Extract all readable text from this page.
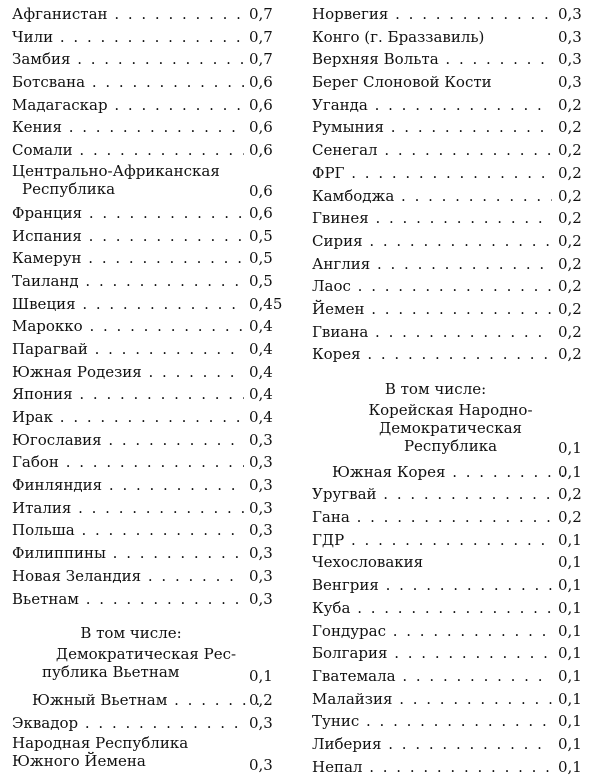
Афганистан . . .	0,7
Чили . . .	0,7
Замбия . . .	0,7
Ботсвана . . .	0,6
Мадагаскар . . .	0,6
Кения . . .	0,6
Сомали . . .	0,6
Центрально-Африканская
Республика	0,6
Франция . . .	0,6
Испания . . .	0,5
Камерун . . .	0,5
Таиланд . . .	0,5
Швеция . . .	0,45
Марокко . . .	0,4
Парагвай . . .	0,4
Южная Родезия . . .	0,4
Япония . . .	0,4
Ирак . . .	0,4
Югославия . . .	0,3
Габон . . .	0,3
Финляндия . . .	0,3
Италия . . .	0,3
Польша . . .	0,3
Филиппины . . .	0,3
Новая Зеландия . . .	0,3
Вьетнам . . .	0,3
В том числе:
Демократическая Рес-
публика Вьетнам	0,1
Южный Вьетнам . . .	0,2
Эквадор . . .	0,3
Народная Республика
Южного Йемена	0,3
Норвегия . . .	0,3
Конго (г. Браззавиль)	0,3
Верхняя Вольта . . .	0,3
Берег Слоновой Кости	0,3
Уганда . . .	0,2
Румыния . . .	0,2
Сенегал . . .	0,2
ФРГ . . .	0,2
Камбоджа . . .	0,2
Гвинея . . .	0,2
Сирия . . .	0,2
Англия . . .	0,2
Лаос . . .	0,2
Йемен . . .	0,2
Гвиана . . .	0,2
Корея . . .	0,2
В том числе:
Корейская Народно-
Демократическая
Республика	0,1
Южная Корея . . .	0,1
Уругвай . . .	0,2
Гана . . .	0,2
ГДР . . .	0,1
Чехословакия	0,1
Венгрия . . .	0,1
Куба . . .	0,1
Гондурас . . .	0,1
Болгария . . .	0,1
Гватемала . . .	0,1
Малайзия . . .	0,1
Тунис . . .	0,1
Либерия . . .	0,1
Непал . . .	0,1
